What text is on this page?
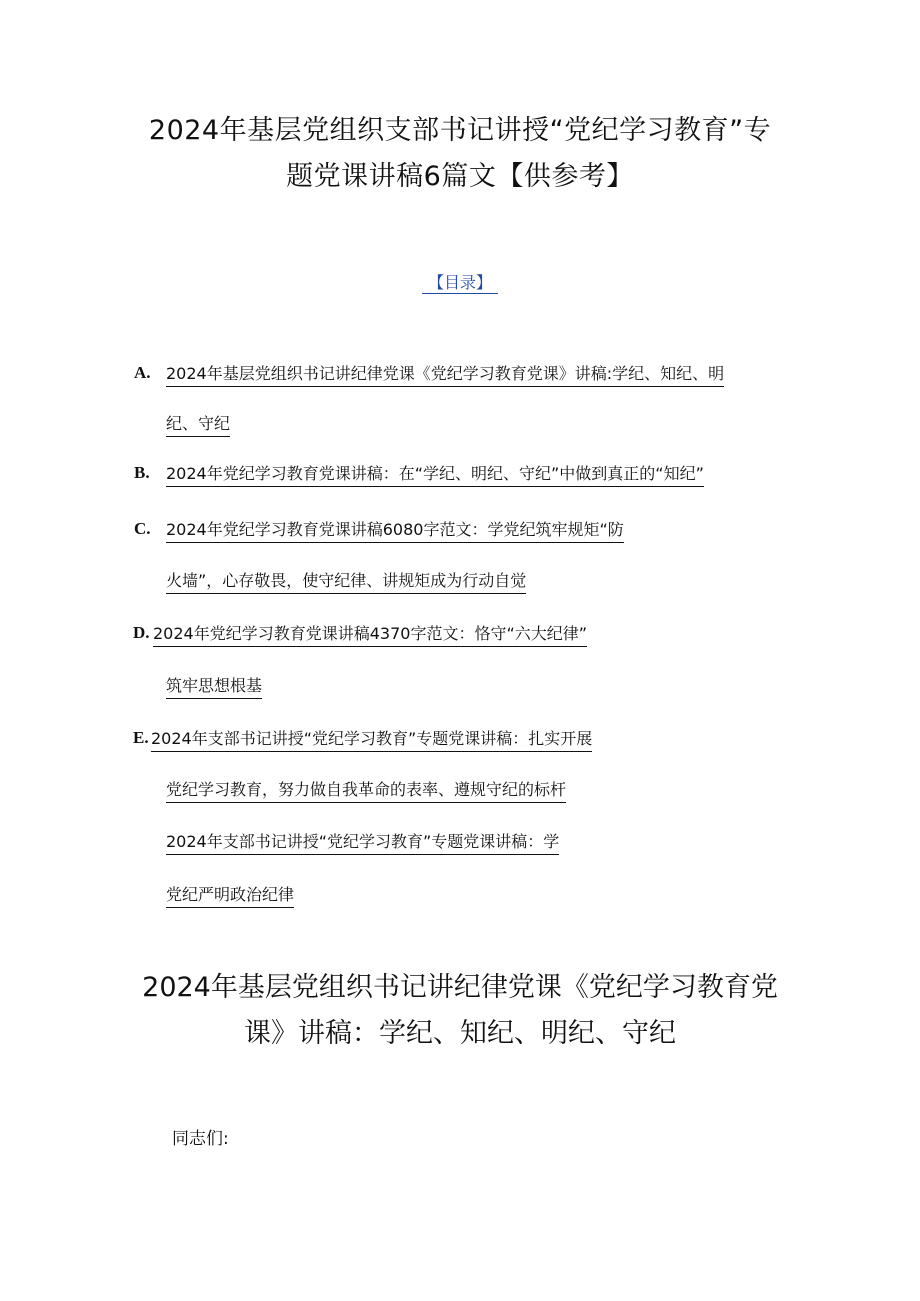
2024年基层党组织支部书记讲授“党纪学习教育”专
题党课讲稿6篇文【供参考】
【目录】
A. 2024年基层党组织书记讲纪律党课《党纪学习教育党课》讲稿:学纪、知纪、明
纪、守纪
B. 2024年党纪学习教育党课讲稿：在“学纪、明纪、守纪”中做到真正的“知纪”
C. 2024年党纪学习教育党课讲稿6080字范文：学党纪筑牢规矩“防
火墙”，心存敬畏，使守纪律、讲规矩成为行动自觉
D. 2024年党纪学习教育党课讲稿4370字范文：恪守“六大纪律”
筑牢思想根基
E. 2024年支部书记讲授“党纪学习教育”专题党课讲稿：扎实开展
党纪学习教育，努力做自我革命的表率、遵规守纪的标杆
2024年支部书记讲授“党纪学习教育”专题党课讲稿：学
党纪严明政治纪律
2024年基层党组织书记讲纪律党课《党纪学习教育党
课》讲稿：学纪、知纪、明纪、守纪
同志们:
